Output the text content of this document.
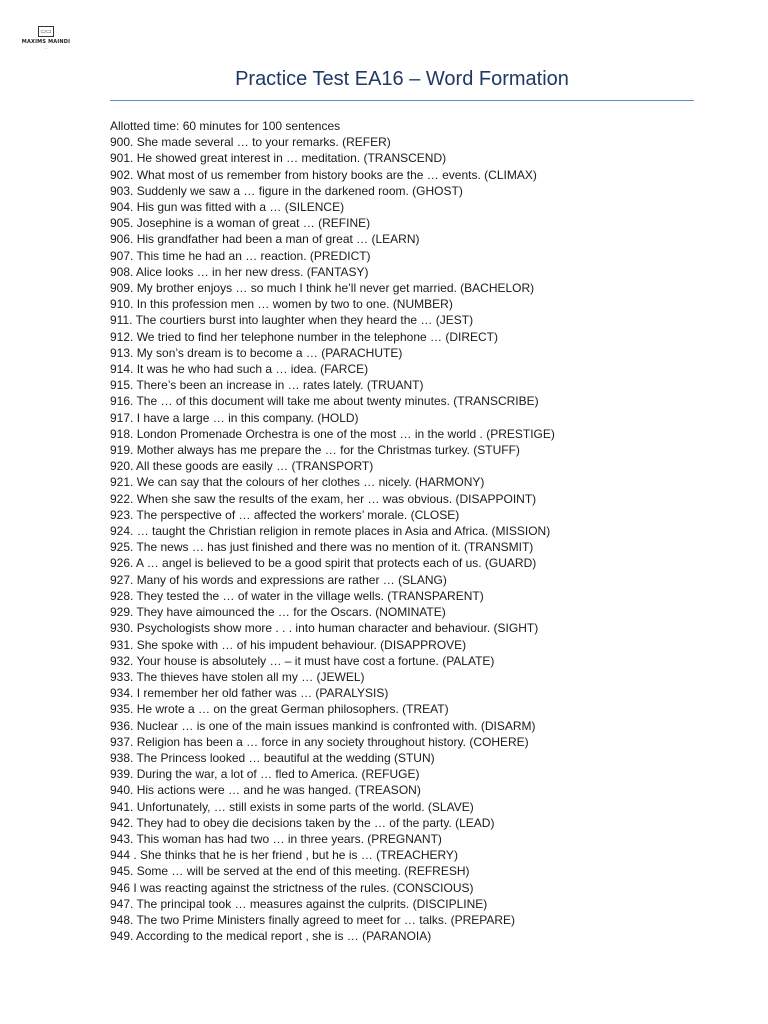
▭▭
MAXIMS MAINDI
—
Practice Test EA16 – Word Formation
Allotted time: 60 minutes for 100 sentences
900. She made several … to your remarks. (REFER)
901. He showed great interest in … meditation. (TRANSCEND)
902. What most of us remember from history books are the … events. (CLIMAX)
903. Suddenly we saw a … figure in the darkened room. (GHOST)
904. His gun was fitted with a … (SILENCE)
905. Josephine is a woman of great … (REFINE)
906. His grandfather had been a man of great … (LEARN)
907. This time he had an … reaction. (PREDICT)
908. Alice looks … in her new dress. (FANTASY)
909. My brother enjoys … so much I think he’ll never get married. (BACHELOR)
910. In this profession men … women by two to one. (NUMBER)
911. The courtiers burst into laughter when they heard the … (JEST)
912. We tried to find her telephone number in the telephone … (DIRECT)
913. My son’s dream is to become a … (PARACHUTE)
914. It was he who had such a … idea. (FARCE)
915. There’s been an increase in … rates lately. (TRUANT)
916. The … of this document will take me about twenty minutes. (TRANSCRIBE)
917. I have a large … in this company. (HOLD)
918. London Promenade Orchestra is one of the most … in the world . (PRESTIGE)
919. Mother always has me prepare the … for the Christmas turkey. (STUFF)
920. All these goods are easily … (TRANSPORT)
921. We can say that the colours of her clothes … nicely. (HARMONY)
922. When she saw the results of the exam, her … was obvious. (DISAPPOINT)
923. The perspective of … affected the workers’ morale. (CLOSE)
924. … taught the Christian religion in remote places in Asia and Africa. (MISSION)
925. The news … has just finished and there was no mention of it. (TRANSMIT)
926. A … angel is believed to be a good spirit that protects each of us. (GUARD)
927. Many of his words and expressions are rather … (SLANG)
928. They tested the … of water in the village wells. (TRANSPARENT)
929. They have aimounced the … for the Oscars. (NOMINATE)
930. Psychologists show more . . . into human character and behaviour. (SIGHT)
931. She spoke with … of his impudent behaviour. (DISAPPROVE)
932. Your house is absolutely … – it must have cost a fortune. (PALATE)
933. The thieves have stolen all my … (JEWEL)
934. I remember her old father was … (PARALYSIS)
935. He wrote a … on the great German philosophers. (TREAT)
936. Nuclear … is one of the main issues mankind is confronted with. (DISARM)
937. Religion has been a … force in any society throughout history. (COHERE)
938. The Princess looked … beautiful at the wedding (STUN)
939. During the war, a lot of … fled to America. (REFUGE)
940. His actions were … and he was hanged. (TREASON)
941. Unfortunately, … still exists in some parts of the world. (SLAVE)
942. They had to obey die decisions taken by the … of the party. (LEAD)
943. This woman has had two … in three years. (PREGNANT)
944 . She thinks that he is her friend , but he is … (TREACHERY)
945. Some … will be served at the end of this meeting. (REFRESH)
946 I was reacting against the strictness of the rules. (CONSCIOUS)
947. The principal took … measures against the culprits. (DISCIPLINE)
948. The two Prime Ministers finally agreed to meet for … talks. (PREPARE)
949. According to the medical report , she is … (PARANOIA)
